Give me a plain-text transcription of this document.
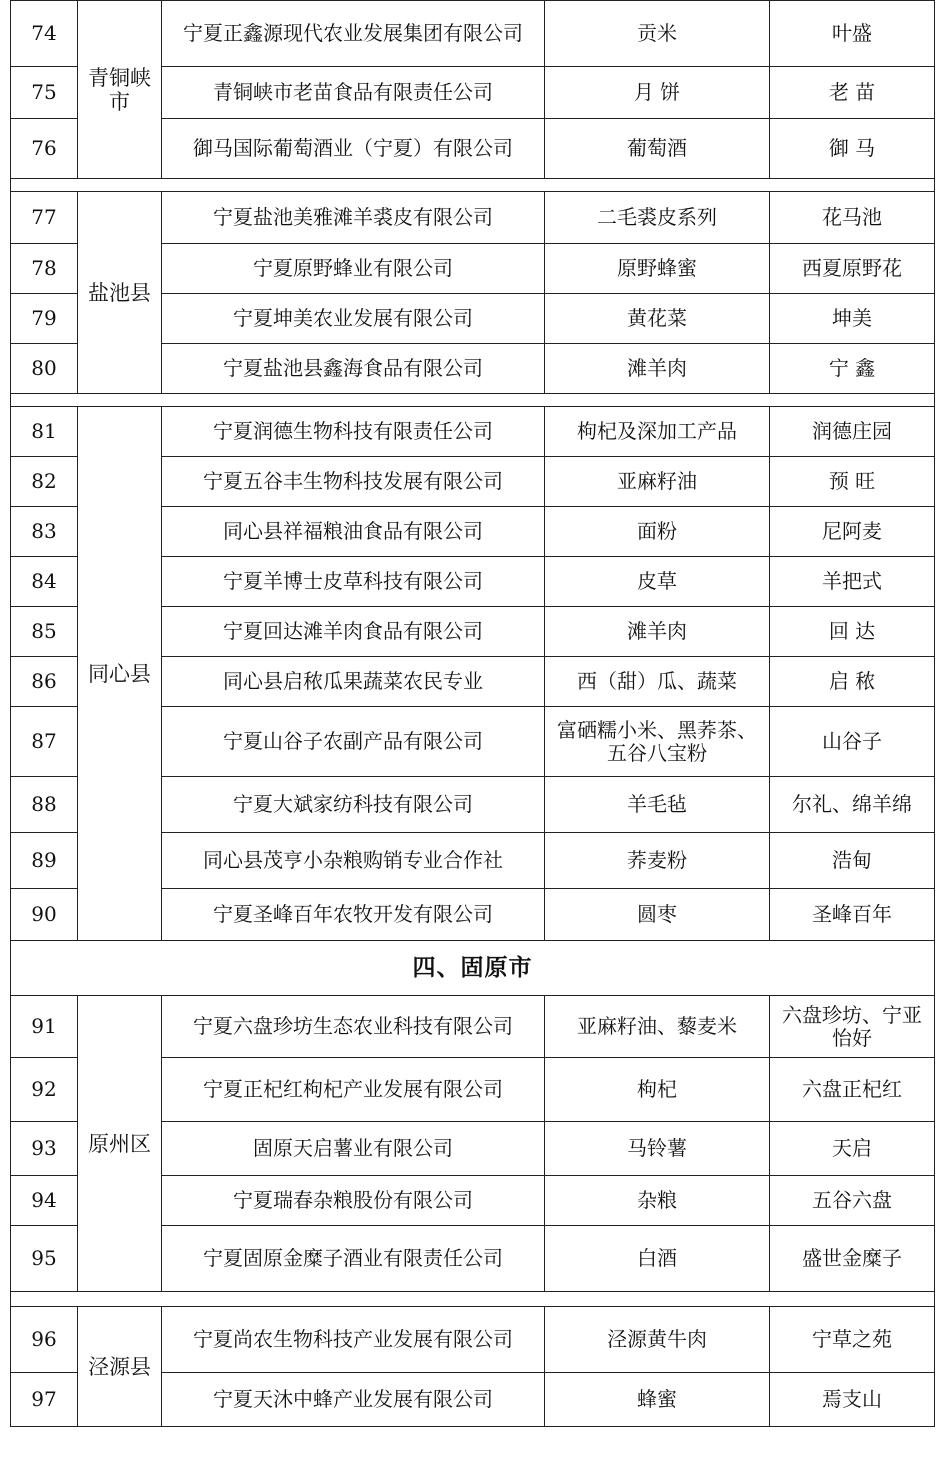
74	青铜峡市	宁夏正鑫源现代农业发展集团有限公司	贡米	叶盛
75		青铜峡市老苗食品有限责任公司	月 饼	老 苗
76		御马国际葡萄酒业（宁夏）有限公司	葡萄酒	御 马

77	盐池县	宁夏盐池美雅滩羊裘皮有限公司	二毛裘皮系列	花马池
78		宁夏原野蜂业有限公司	原野蜂蜜	西夏原野花
79		宁夏坤美农业发展有限公司	黄花菜	坤美
80		宁夏盐池县鑫海食品有限公司	滩羊肉	宁 鑫

81	同心县	宁夏润德生物科技有限责任公司	枸杞及深加工产品	润德庄园
82		宁夏五谷丰生物科技发展有限公司	亚麻籽油	预 旺
83		同心县祥福粮油食品有限公司	面粉	尼阿麦
84		宁夏羊博士皮草科技有限公司	皮草	羊把式
85		宁夏回达滩羊肉食品有限公司	滩羊肉	回 达
86		同心县启秾瓜果蔬菜农民专业	西（甜）瓜、蔬菜	启 秾
87		宁夏山谷子农副产品有限公司	富硒糯小米、黑荞茶、五谷八宝粉	山谷子
88		宁夏大斌家纺科技有限公司	羊毛毡	尔礼、绵羊绵
89		同心县茂亨小杂粮购销专业合作社	荞麦粉	浩甸
90		宁夏圣峰百年农牧开发有限公司	圆枣	圣峰百年
四、固原市				
91	原州区	宁夏六盘珍坊生态农业科技有限公司	亚麻籽油、藜麦米	六盘珍坊、宁亚怡好
92		宁夏正杞红枸杞产业发展有限公司	枸杞	六盘正杞红
93		固原天启薯业有限公司	马铃薯	天启
94		宁夏瑞春杂粮股份有限公司	杂粮	五谷六盘
95		宁夏固原金糜子酒业有限责任公司	白酒	盛世金糜子

96	泾源县	宁夏尚农生物科技产业发展有限公司	泾源黄牛肉	宁草之苑
97		宁夏天沐中蜂产业发展有限公司	蜂蜜	焉支山
